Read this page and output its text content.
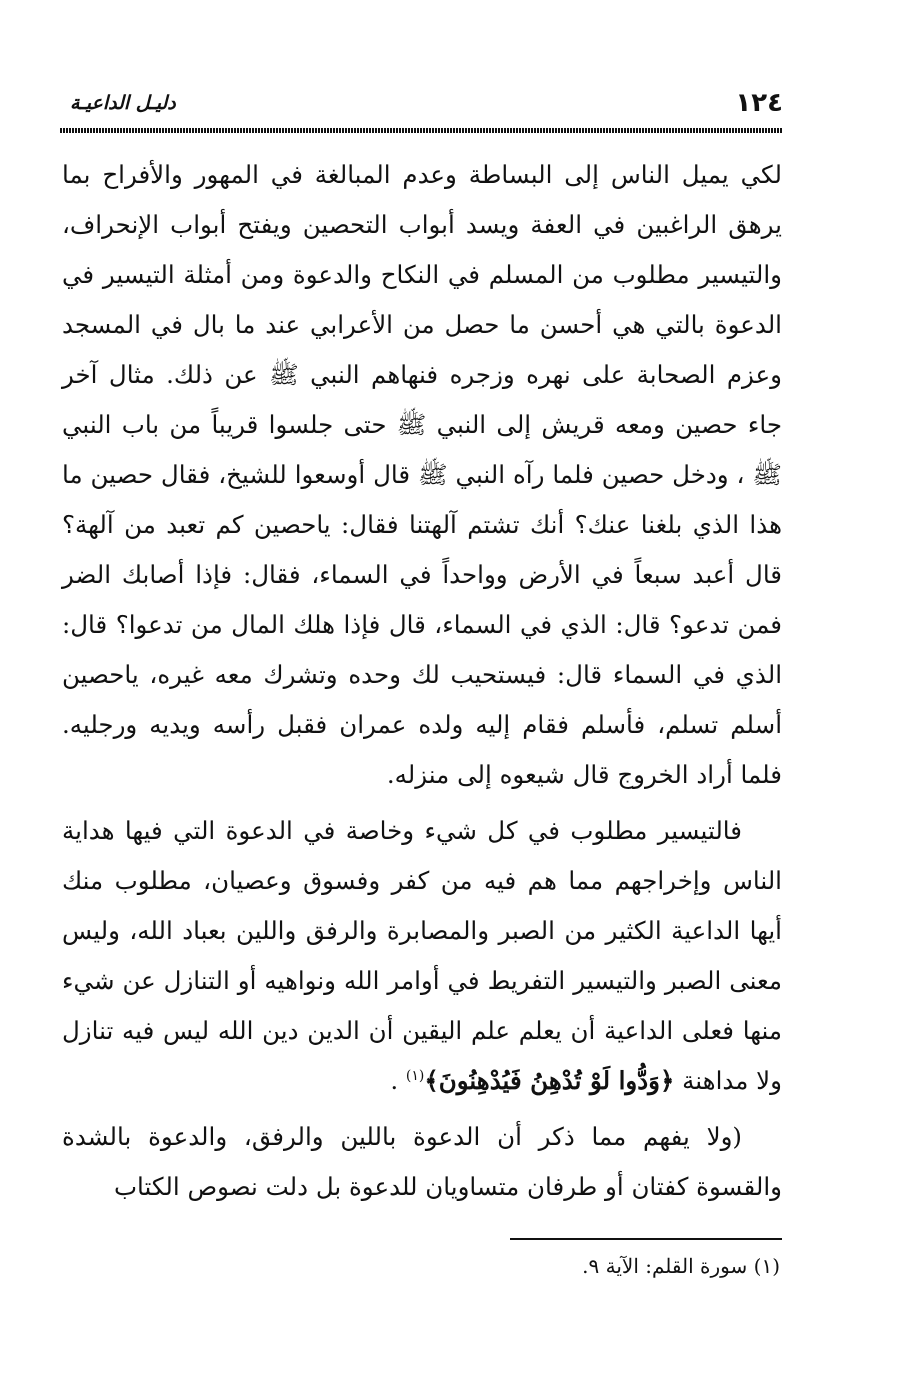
١٢٤
دليـل الداعيـة

لكي يميل الناس إلى البساطة وعدم المبالغة في المهور والأفراح بما يرهق الراغبين في العفة ويسد أبواب التحصين ويفتح أبواب الإنحراف، والتيسير مطلوب من المسلم في النكاح والدعوة ومن أمثلة التيسير في الدعوة بالتي هي أحسن ما حصل من الأعرابي عند ما بال في المسجد وعزم الصحابة على نهره وزجره فنهاهم النبي ﷺ عن ذلك. مثال آخر جاء حصين ومعه قريش إلى النبي ﷺ حتى جلسوا قريباً من باب النبي ﷺ ، ودخل حصين فلما رآه النبي ﷺ قال أوسعوا للشيخ، فقال حصين ما هذا الذي بلغنا عنك؟ أنك تشتم آلهتنا فقال: ياحصين كم تعبد من آلهة؟ قال أعبد سبعاً في الأرض وواحداً في السماء، فقال: فإذا أصابك الضر فمن تدعو؟ قال: الذي في السماء، قال فإذا هلك المال من تدعوا؟ قال: الذي في السماء قال: فيستحيب لك وحده وتشرك معه غيره، ياحصين أسلم تسلم، فأسلم فقام إليه ولده عمران فقبل رأسه ويديه ورجليه. فلما أراد الخروج قال شيعوه إلى منزله.

فالتيسير مطلوب في كل شيء وخاصة في الدعوة التي فيها هداية الناس وإخراجهم مما هم فيه من كفر وفسوق وعصيان، مطلوب منك أيها الداعية الكثير من الصبر والمصابرة والرفق واللين بعباد الله، وليس معنى الصبر والتيسير التفريط في أوامر الله ونواهيه أو التنازل عن شيء منها فعلى الداعية أن يعلم علم اليقين أن الدين دين الله ليس فيه تنازل ولا مداهنة ﴿وَدُّوا لَوْ تُدْهِنُ فَيُدْهِنُونَ﴾$^{(١)}$ .

(ولا يفهم مما ذكر أن الدعوة باللين والرفق، والدعوة بالشدة والقسوة كفتان أو طرفان متساويان للدعوة بل دلت نصوص الكتاب

(١) سورة القلم: الآية ٩.
